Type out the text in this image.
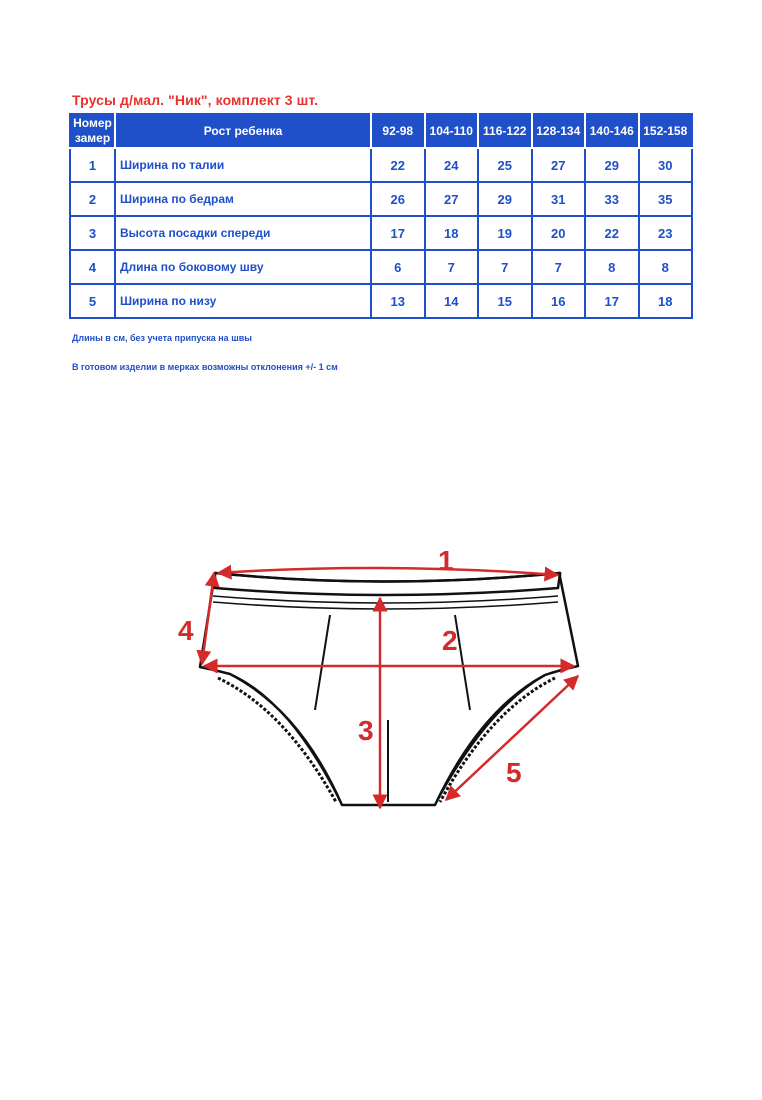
Трусы д/мал. "Ник", комплект 3 шт.
Номер
замер	Рост ребенка	92-98	104-110	116-122	128-134	140-146	152-158
1	Ширина по талии	22	24	25	27	29	30
2	Ширина по бедрам	26	27	29	31	33	35
3	Высота посадки спереди	17	18	19	20	22	23
4	Длина по боковому шву	6	7	7	7	8	8
5	Ширина по низу	13	14	15	16	17	18
Длины в см, без учета припуска на швы
В готовом изделии в мерках возможны отклонения +/- 1 см
1
2
3
4
5
